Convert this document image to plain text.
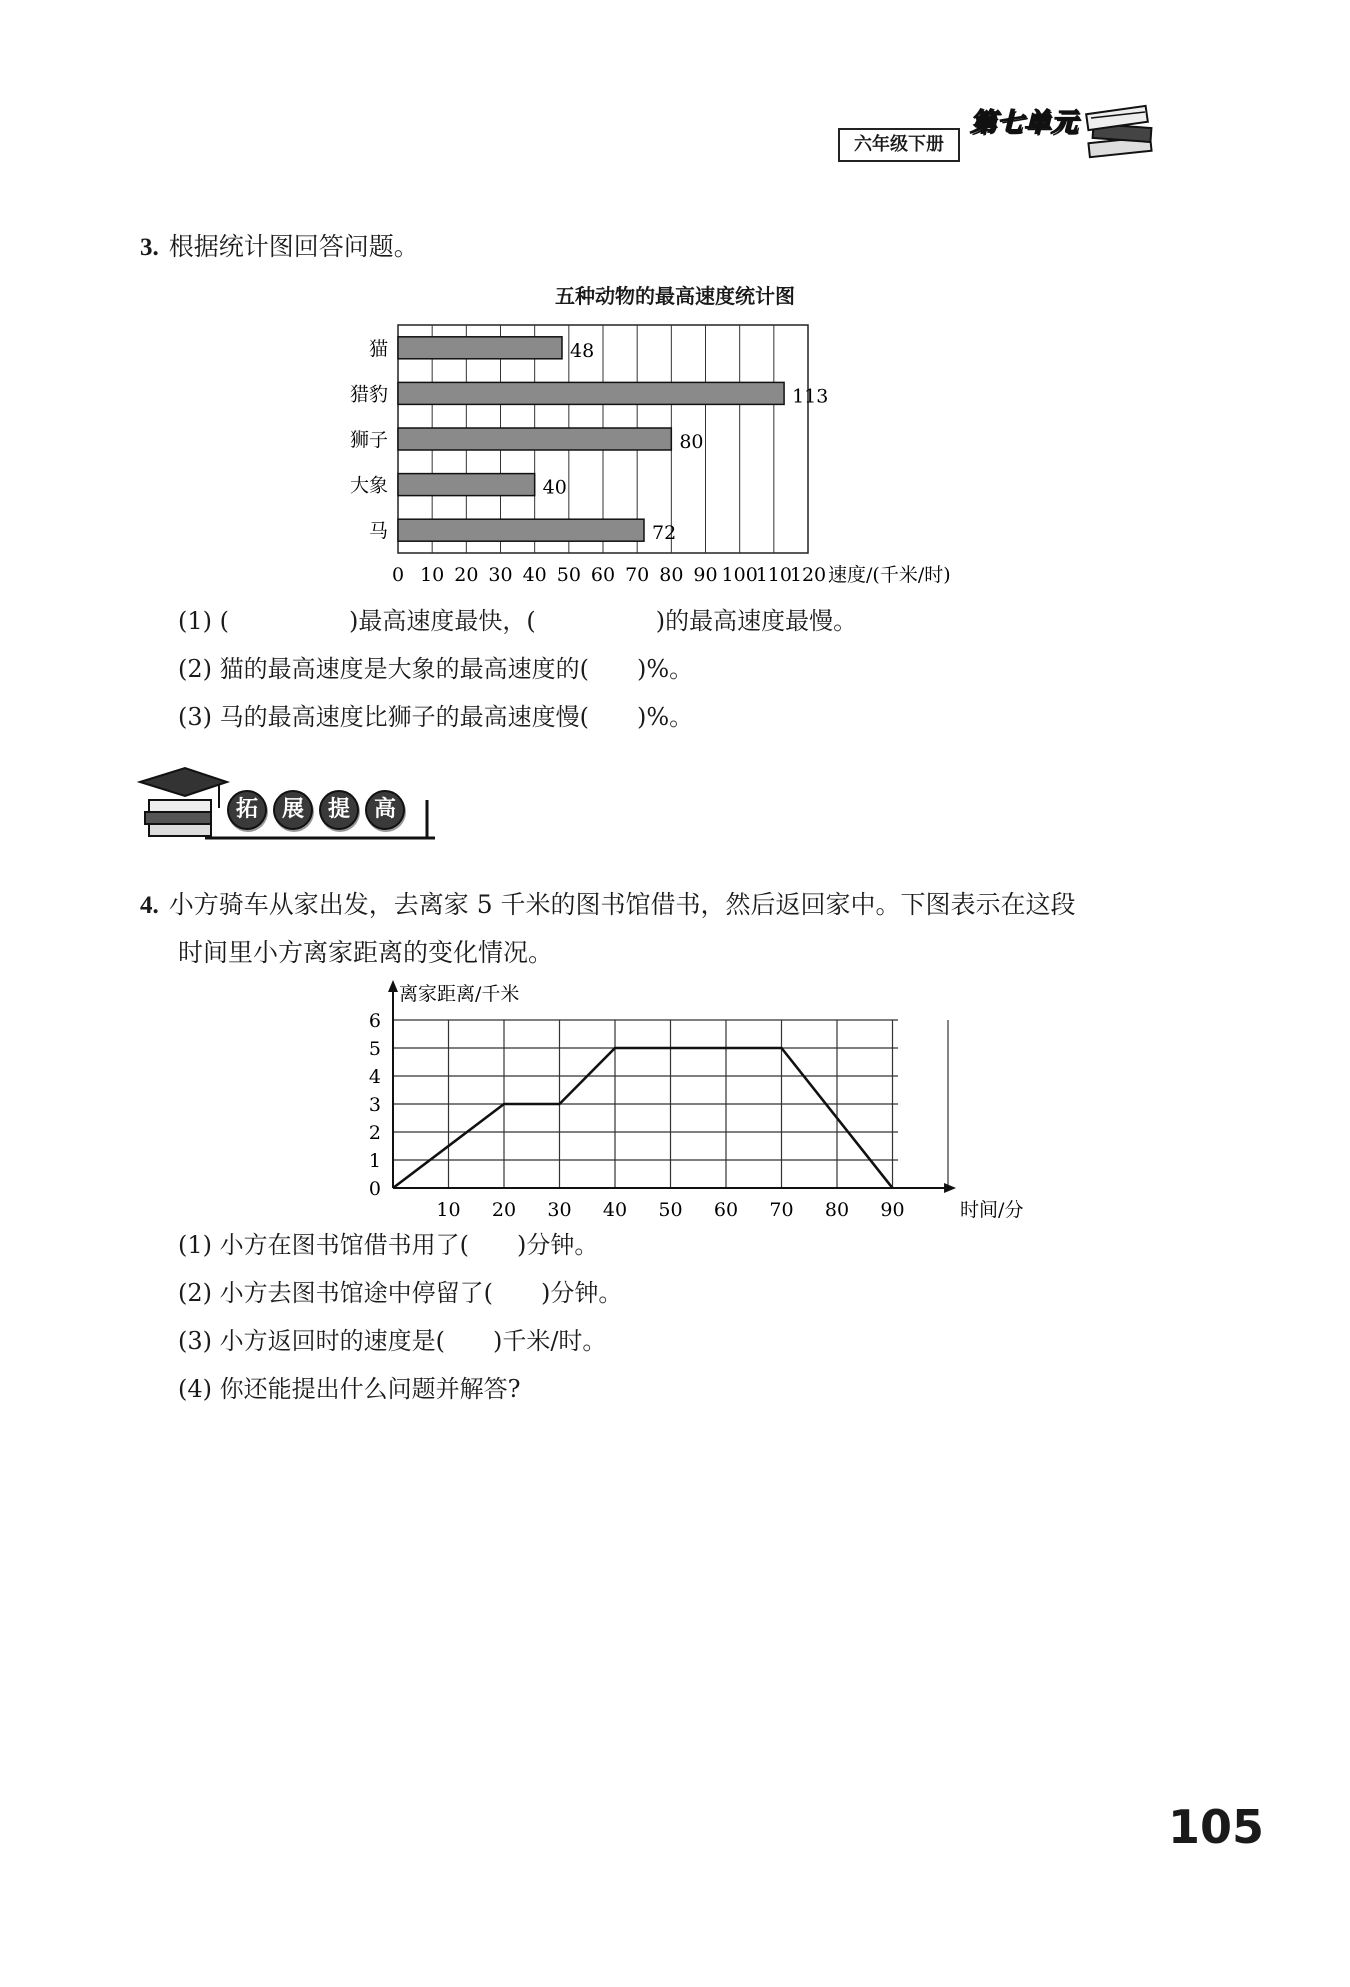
六年级下册
第七单元
3. 根据统计图回答问题。
五种动物的最高速度统计图
0 10 20 30 40 50 60 70 80 90 100
110
120 速度/(千米/时)
猫	48
猎豹	113
狮子	80
大象	40
马	72
(1) (　　　　　)最高速度最快，(　　　　　)的最高速度最慢。
(2) 猫的最高速度是大象的最高速度的(　　)%。
(3) 马的最高速度比狮子的最高速度慢(　　)%。
拓	展	提	高
4. 小方骑车从家出发，去离家 5 千米的图书馆借书，然后返回家中。下图表示在这段
时间里小方离家距离的变化情况。
10 20 30 40 50 60 70 80 90
0
1
2
3
4
5
6
离家距离/千米
时间/分
(1) 小方在图书馆借书用了(　　)分钟。
(2) 小方去图书馆途中停留了(　　)分钟。
(3) 小方返回时的速度是(　　)千米/时。
(4) 你还能提出什么问题并解答?
105
